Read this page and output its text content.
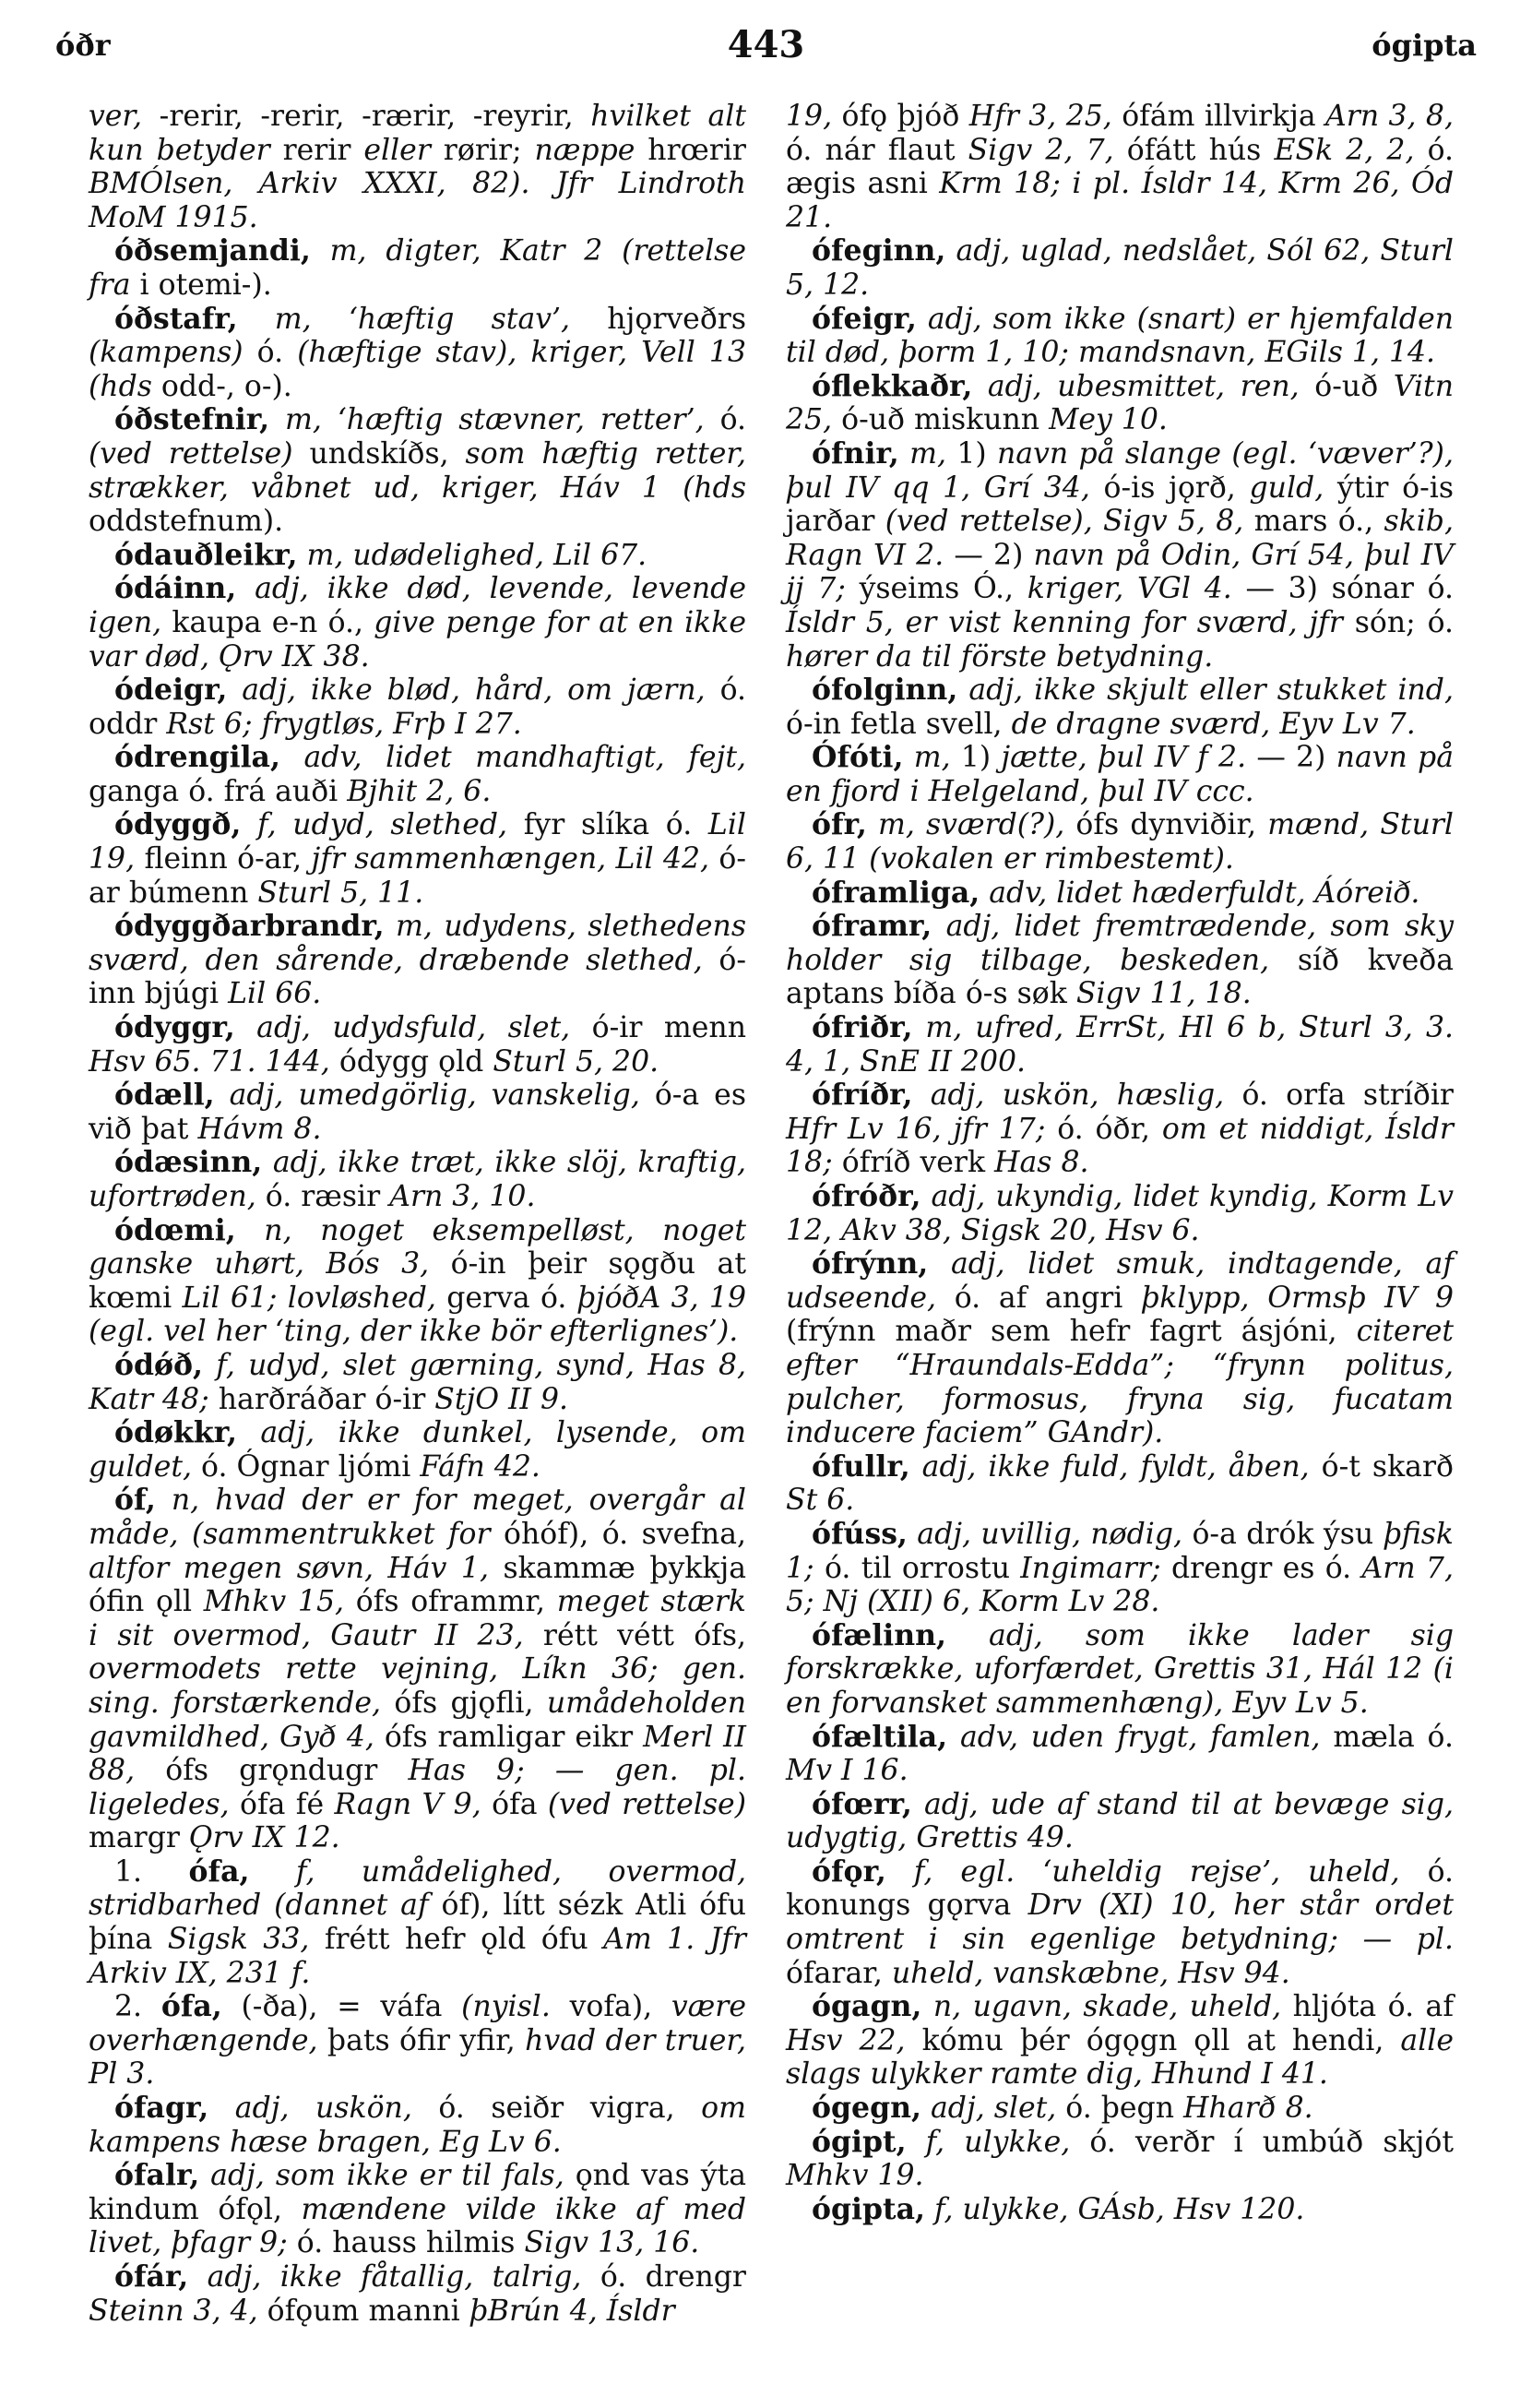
óðr	443	ógipta

ver, -rerir, -rerir, -rærir, -reyrir, hvilket alt kun betyder rerir eller rørir; næppe hrœrir BMÓlsen, Arkiv XXXI, 82). Jfr Lindroth MoM 1915.

óðsemjandi, m, digter, Katr 2 (rettelse fra i otemi-).

óðstafr, m, ‘hæftig stav’, hjǫrveðrs (kampens) ó. (hæftige stav), kriger, Vell 13 (hds odd-, o-).

óðstefnir, m, ‘hæftig stævner, retter’, ó. (ved rettelse) undskíðs, som hæftig retter, strækker, våbnet ud, kriger, Háv 1 (hds oddstefnum).

ódauðleikr, m, udødelighed, Lil 67.

ódáinn, adj, ikke død, levende, levende igen, kaupa e-n ó., give penge for at en ikke var død, Ǫrv IX 38.

ódeigr, adj, ikke blød, hård, om jærn, ó. oddr Rst 6; frygtløs, Frþ I 27.

ódrengila, adv, lidet mandhaftigt, fejt, ganga ó. frá auði Bjhit 2, 6.

ódyggð, f, udyd, slethed, fyr slíka ó. Lil 19, fleinn ó-ar, jfr sammenhængen, Lil 42, ó-ar búmenn Sturl 5, 11.

ódyggðarbrandr, m, udydens, slethedens sværd, den sårende, dræbende slethed, ó-inn bjúgi Lil 66.

ódyggr, adj, udydsfuld, slet, ó-ir menn Hsv 65. 71. 144, ódygg ǫld Sturl 5, 20.

ódæll, adj, umedgörlig, vanskelig, ó-a es við þat Hávm 8.

ódæsinn, adj, ikke træt, ikke slöj, kraftig, ufortrøden, ó. ræsir Arn 3, 10.

ódœmi, n, noget eksempelløst, noget ganske uhørt, Bós 3, ó-in þeir sǫgðu at kœmi Lil 61; lovløshed, gerva ó. þjóðA 3, 19 (egl. vel her ‘ting, der ikke bör efterlignes’).

ódǿð, f, udyd, slet gærning, synd, Has 8, Katr 48; harðráðar ó-ir StjO II 9.

ódøkkr, adj, ikke dunkel, lysende, om guldet, ó. Ógnar ljómi Fáfn 42.

óf, n, hvad der er for meget, overgår al måde, (sammentrukket for óhóf), ó. svefna, altfor megen søvn, Háv 1, skammæ þykkja ófin ǫll Mhkv 15, ófs oframmr, meget stærk i sit overmod, Gautr II 23, rétt vétt ófs, overmodets rette vejning, Líkn 36; gen. sing. forstærkende, ófs gjǫfli, umådeholden gavmildhed, Gyð 4, ófs ramligar eikr Merl II 88, ófs grǫndugr Has 9; — gen. pl. ligeledes, ófa fé Ragn V 9, ófa (ved rettelse) margr Ǫrv IX 12.

1. ófa, f, umådelighed, overmod, stridbarhed (dannet af óf), lítt sézk Atli ófu þína Sigsk 33, frétt hefr ǫld ófu Am 1. Jfr Arkiv IX, 231 f.

2. ófa, (-ða), = váfa (nyisl. vofa), være overhængende, þats ófir yfir, hvad der truer, Pl 3.

ófagr, adj, uskön, ó. seiðr vigra, om kampens hæse bragen, Eg Lv 6.

ófalr, adj, som ikke er til fals, ǫnd vas ýta kindum ófǫl, mændene vilde ikke af med livet, þfagr 9; ó. hauss hilmis Sigv 13, 16.

ófár, adj, ikke fåtallig, talrig, ó. drengr Steinn 3, 4, ófǫum manni þBrún 4, Ísldr

19, ófǫ þjóð Hfr 3, 25, ófám illvirkja Arn 3, 8, ó. nár flaut Sigv 2, 7, ófátt hús ESk 2, 2, ó. ægis asni Krm 18; i pl. Ísldr 14, Krm 26, Ód 21.

ófeginn, adj, uglad, nedslået, Sól 62, Sturl 5, 12.

ófeigr, adj, som ikke (snart) er hjemfalden til død, þorm 1, 10; mandsnavn, EGils 1, 14.

óflekkaðr, adj, ubesmittet, ren, ó-uð Vitn 25, ó-uð miskunn Mey 10.

ófnir, m, 1) navn på slange (egl. ‘væver’?), þul IV qq 1, Grí 34, ó-is jǫrð, guld, ýtir ó-is jarðar (ved rettelse), Sigv 5, 8, mars ó., skib, Ragn VI 2. — 2) navn på Odin, Grí 54, þul IV jj 7; ýseims Ó., kriger, VGl 4. — 3) sónar ó. Ísldr 5, er vist kenning for sværd, jfr són; ó. hører da til förste betydning.

ófolginn, adj, ikke skjult eller stukket ind, ó-in fetla svell, de dragne sværd, Eyv Lv 7.

Ófóti, m, 1) jætte, þul IV f 2. — 2) navn på en fjord i Helgeland, þul IV ccc.

ófr, m, sværd(?), ófs dynviðir, mænd, Sturl 6, 11 (vokalen er rimbestemt).

óframliga, adv, lidet hæderfuldt, Áóreið.

óframr, adj, lidet fremtrædende, som sky holder sig tilbage, beskeden, síð kveða aptans bíða ó-s søk Sigv 11, 18.

ófriðr, m, ufred, ErrSt, Hl 6 b, Sturl 3, 3. 4, 1, SnE II 200.

ófríðr, adj, uskön, hæslig, ó. orfa stríðir Hfr Lv 16, jfr 17; ó. óðr, om et niddigt, Ísldr 18; ófríð verk Has 8.

ófróðr, adj, ukyndig, lidet kyndig, Korm Lv 12, Akv 38, Sigsk 20, Hsv 6.

ófrýnn, adj, lidet smuk, indtagende, af udseende, ó. af angri þklypp, Ormsþ IV 9 (frýnn maðr sem hefr fagrt ásjóni, citeret efter “Hraundals-Edda”; “frynn politus, pulcher, formosus, fryna sig, fucatam inducere faciem” GAndr).

ófullr, adj, ikke fuld, fyldt, åben, ó-t skarð St 6.

ófúss, adj, uvillig, nødig, ó-a drók ýsu þfisk 1; ó. til orrostu Ingimarr; drengr es ó. Arn 7, 5; Nj (XII) 6, Korm Lv 28.

ófælinn, adj, som ikke lader sig forskrække, uforfærdet, Grettis 31, Hál 12 (i en forvansket sammenhæng), Eyv Lv 5.

ófæltila, adv, uden frygt, famlen, mæla ó. Mv I 16.

ófœrr, adj, ude af stand til at bevæge sig, udygtig, Grettis 49.

ófǫr, f, egl. ‘uheldig rejse’, uheld, ó. konungs gǫrva Drv (XI) 10, her står ordet omtrent i sin egenlige betydning; — pl. ófarar, uheld, vanskæbne, Hsv 94.

ógagn, n, ugavn, skade, uheld, hljóta ó. af Hsv 22, kómu þér ógǫgn ǫll at hendi, alle slags ulykker ramte dig, Hhund I 41.

ógegn, adj, slet, ó. þegn Hharð 8.

ógipt, f, ulykke, ó. verðr í umbúð skjót Mhkv 19.

ógipta, f, ulykke, GÁsb, Hsv 120.
